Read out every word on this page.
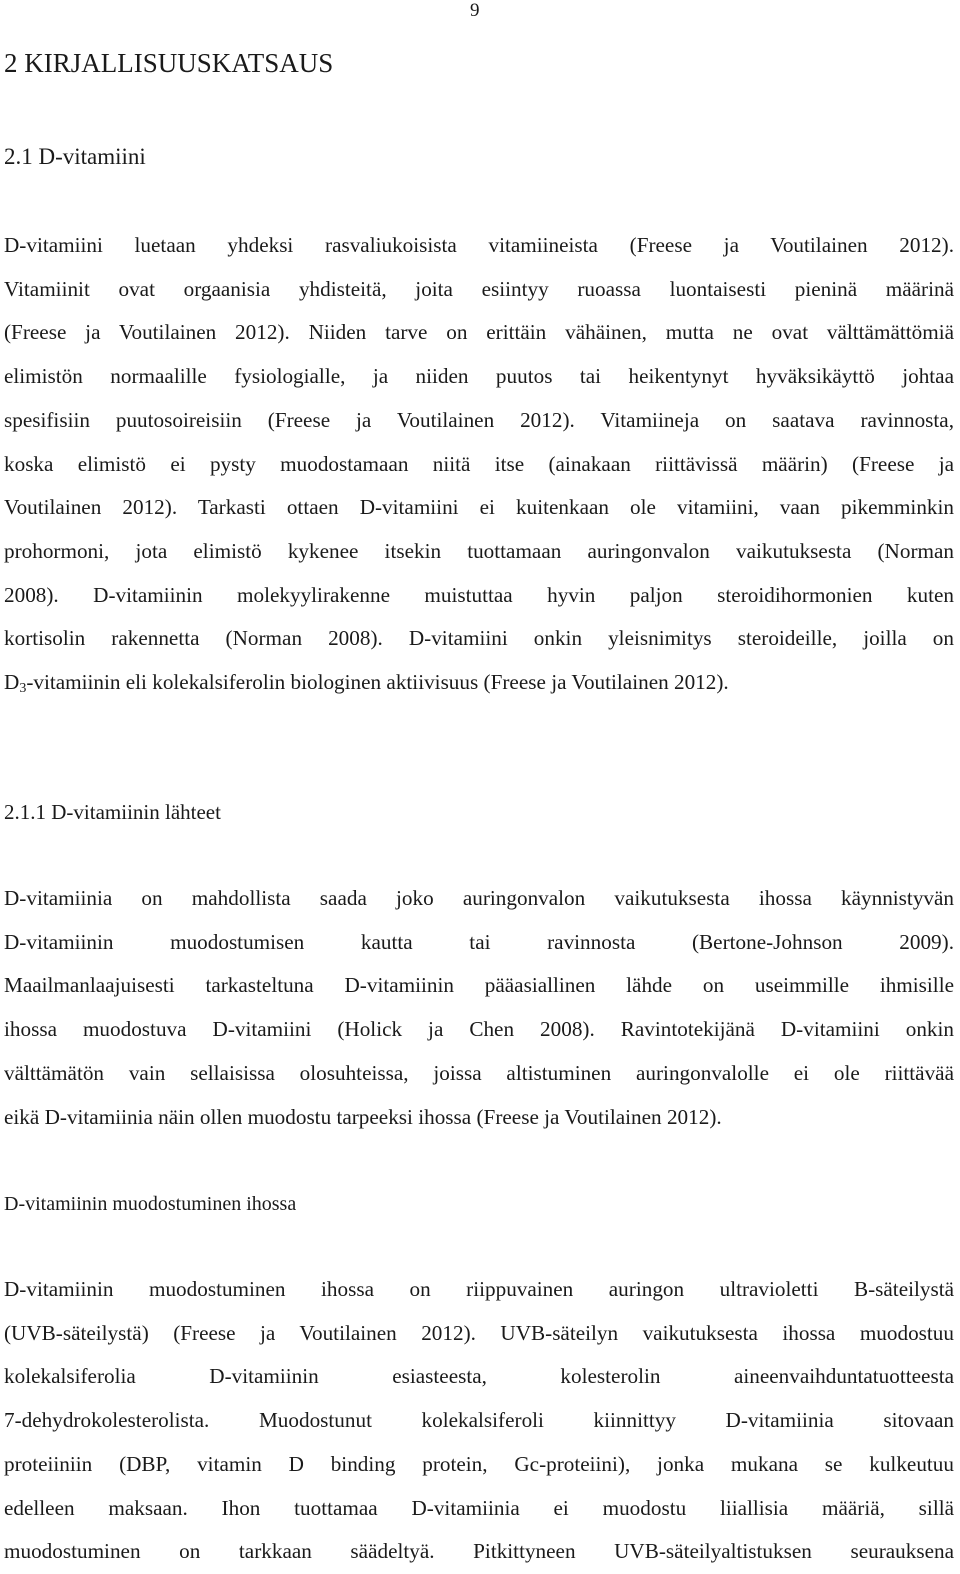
9
2 KIRJALLISUUSKATSAUS
2.1 D-vitamiini
D-vitamiini luetaan yhdeksi rasvaliukoisista vitamiineista (Freese ja Voutilainen 2012).
Vitamiinit ovat orgaanisia yhdisteitä, joita esiintyy ruoassa luontaisesti pieninä määrinä
(Freese ja Voutilainen 2012). Niiden tarve on erittäin vähäinen, mutta ne ovat välttämättömiä
elimistön normaalille fysiologialle, ja niiden puutos tai heikentynyt hyväksikäyttö johtaa
spesifisiin puutosoireisiin (Freese ja Voutilainen 2012). Vitamiineja on saatava ravinnosta,
koska elimistö ei pysty muodostamaan niitä itse (ainakaan riittävissä määrin) (Freese ja
Voutilainen 2012). Tarkasti ottaen D-vitamiini ei kuitenkaan ole vitamiini, vaan pikemminkin
prohormoni, jota elimistö kykenee itsekin tuottamaan auringonvalon vaikutuksesta (Norman
2008). D-vitamiinin molekyylirakenne muistuttaa hyvin paljon steroidihormonien kuten
kortisolin rakennetta (Norman 2008). D-vitamiini onkin yleisnimitys steroideille, joilla on
$D_3$-vitamiinin eli kolekalsiferolin biologinen aktiivisuus (Freese ja Voutilainen 2012).
2.1.1 D-vitamiinin lähteet
D-vitamiinia on mahdollista saada joko auringonvalon vaikutuksesta ihossa käynnistyvän
D-vitamiinin muodostumisen kautta tai ravinnosta (Bertone-Johnson 2009).
Maailmanlaajuisesti tarkasteltuna D-vitamiinin pääasiallinen lähde on useimmille ihmisille
ihossa muodostuva D-vitamiini (Holick ja Chen 2008). Ravintotekijänä D-vitamiini onkin
välttämätön vain sellaisissa olosuhteissa, joissa altistuminen auringonvalolle ei ole riittävää
eikä D-vitamiinia näin ollen muodostu tarpeeksi ihossa (Freese ja Voutilainen 2012).
D-vitamiinin muodostuminen ihossa
D-vitamiinin muodostuminen ihossa on riippuvainen auringon ultravioletti B-säteilystä
(UVB-säteilystä) (Freese ja Voutilainen 2012). UVB-säteilyn vaikutuksesta ihossa muodostuu
kolekalsiferolia D-vitamiinin esiasteesta, kolesterolin aineenvaihduntatuotteesta
7-dehydrokolesterolista. Muodostunut kolekalsiferoli kiinnittyy D-vitamiinia sitovaan
proteiiniin (DBP, vitamin D binding protein, Gc-proteiini), jonka mukana se kulkeutuu
edelleen maksaan. Ihon tuottamaa D-vitamiinia ei muodostu liiallisia määriä, sillä
muodostuminen on tarkkaan säädeltyä. Pitkittyneen UVB-säteilyaltistuksen seurauksena
